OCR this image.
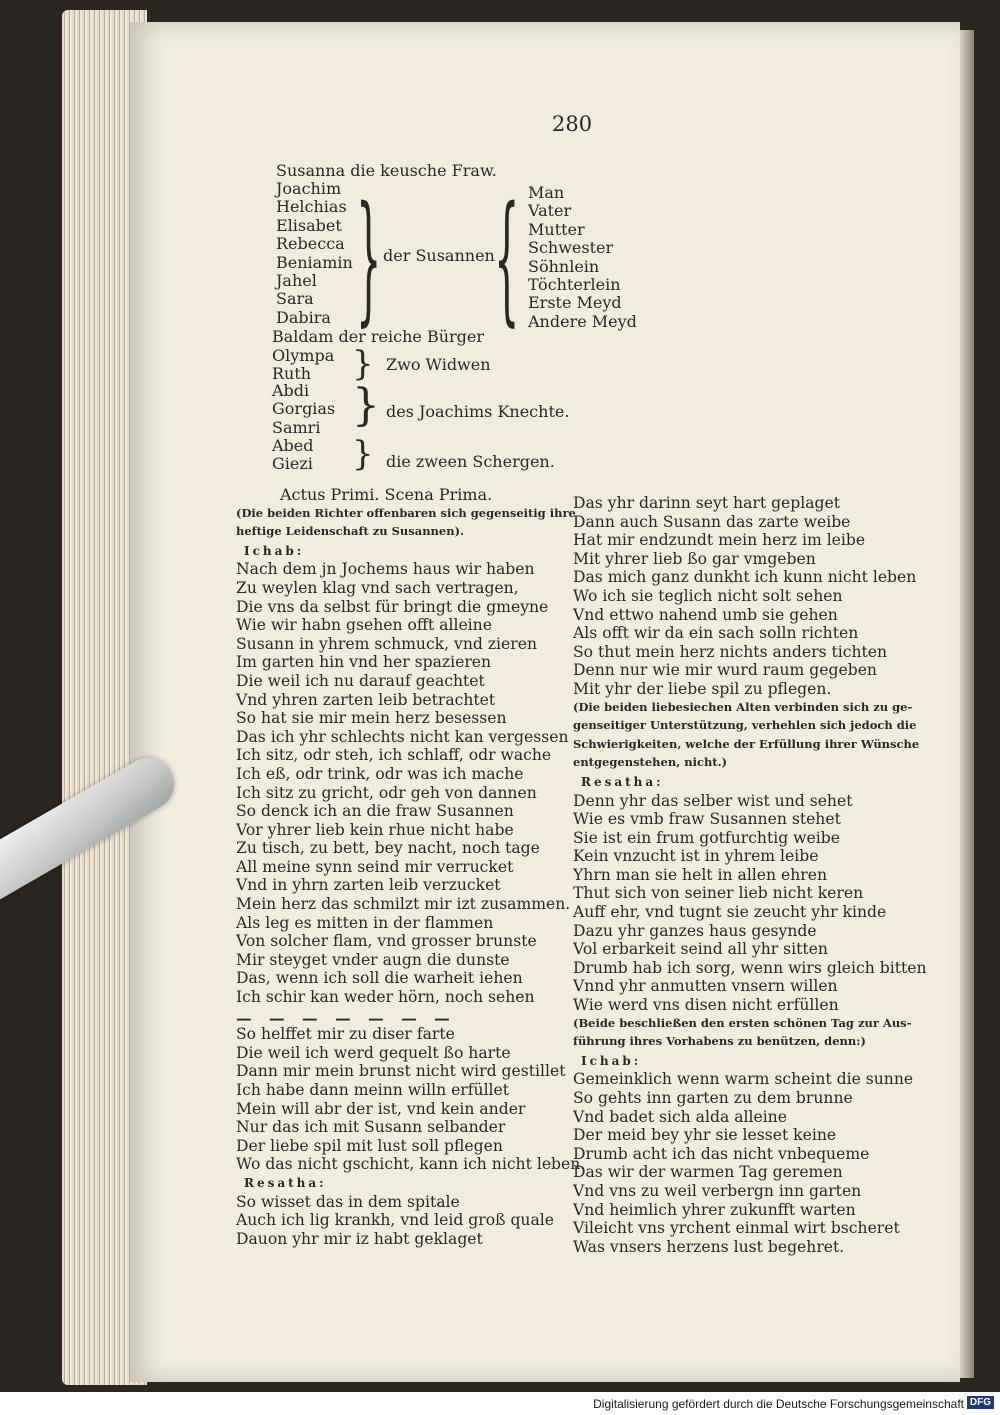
280
Susanna die keusche Fraw.
Joachim
Helchias
Elisabet
Rebecca
Beniamin
Jahel
Sara
Dabira } der Susannen { Man
Vater
Mutter
Schwester
Söhnlein
Töchterlein
Erste Meyd
Andere Meyd
Baldam der reiche Bürger
Olympa
Ruth	} Zwo Widwen
Abdi
Gorgias
Samri } des Joachims Knechte.
Abed
Giezi } die zween Schergen.
Actus Primi. Scena Prima.
(Die beiden Richter offenbaren sich gegenseitig ihre
heftige Leidenschaft zu Susannen).
Ichab:
Nach dem jn Jochems haus wir haben
Zu weylen klag vnd sach vertragen,
Die vns da selbst für bringt die gmeyne
Wie wir habn gsehen offt alleine
Susann in yhrem schmuck, vnd zieren
Im garten hin vnd her spazieren
Die weil ich nu darauf geachtet
Vnd yhren zarten leib betrachtet
So hat sie mir mein herz besessen
Das ich yhr schlechts nicht kan vergessen
Ich sitz, odr steh, ich schlaff, odr wache
Ich eß, odr trink, odr was ich mache
Ich sitz zu gricht, odr geh von dannen
So denck ich an die fraw Susannen
Vor yhrer lieb kein rhue nicht habe
Zu tisch, zu bett, bey nacht, noch tage
All meine synn seind mir verrucket
Vnd in yhrn zarten leib verzucket
Mein herz das schmilzt mir izt zusammen.
Als leg es mitten in der flammen
Von solcher flam, vnd grosser brunste
Mir steyget vnder augn die dunste
Das, wenn ich soll die warheit iehen
Ich schir kan weder hörn, noch sehen
— — — — — — —
So helffet mir zu diser farte
Die weil ich werd gequelt ßo harte
Dann mir mein brunst nicht wird gestillet
Ich habe dann meinn willn erfüllet
Mein will abr der ist, vnd kein ander
Nur das ich mit Susann selbander
Der liebe spil mit lust soll pflegen
Wo das nicht gschicht, kann ich nicht leben.
Resatha:
So wisset das in dem spitale
Auch ich lig krankh, vnd leid groß quale
Dauon yhr mir iz habt geklaget
Das yhr darinn seyt hart geplaget
Dann auch Susann das zarte weibe
Hat mir endzundt mein herz im leibe
Mit yhrer lieb ßo gar vmgeben
Das mich ganz dunkht ich kunn nicht leben
Wo ich sie teglich nicht solt sehen
Vnd ettwo nahend umb sie gehen
Als offt wir da ein sach solln richten
So thut mein herz nichts anders tichten
Denn nur wie mir wurd raum gegeben
Mit yhr der liebe spil zu pflegen.
(Die beiden liebesiechen Alten verbinden sich zu ge-
genseitiger Unterstützung, verhehlen sich jedoch die
Schwierigkeiten, welche der Erfüllung ihrer Wünsche
entgegenstehen, nicht.)
Resatha:
Denn yhr das selber wist und sehet
Wie es vmb fraw Susannen stehet
Sie ist ein frum gotfurchtig weibe
Kein vnzucht ist in yhrem leibe
Yhrn man sie helt in allen ehren
Thut sich von seiner lieb nicht keren
Auff ehr, vnd tugnt sie zeucht yhr kinde
Dazu yhr ganzes haus gesynde
Vol erbarkeit seind all yhr sitten
Drumb hab ich sorg, wenn wirs gleich bitten
Vnnd yhr anmutten vnsern willen
Wie werd vns disen nicht erfüllen
(Beide beschließen den ersten schönen Tag zur Aus-
führung ihres Vorhabens zu benützen, denn:)
Ichab:
Gemeinklich wenn warm scheint die sunne
So gehts inn garten zu dem brunne
Vnd badet sich alda alleine
Der meid bey yhr sie lesset keine
Drumb acht ich das nicht vnbequeme
Das wir der warmen Tag geremen
Vnd vns zu weil verbergn inn garten
Vnd heimlich yhrer zukunfft warten
Vileicht vns yrchent einmal wirt bscheret
Was vnsers herzens lust begehret.
Digitalisierung gefördert durch die Deutsche Forschungsgemeinschaft DFG
